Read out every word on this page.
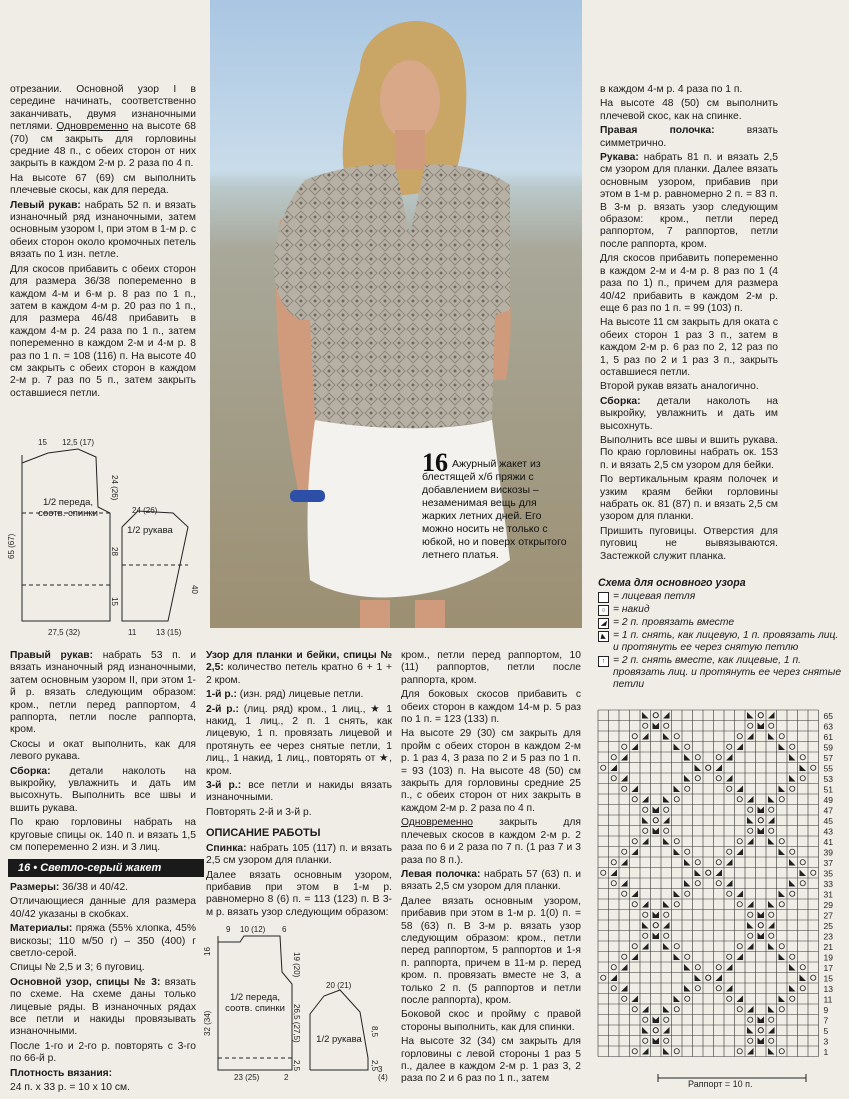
отрезании. Основной узор I в середине начинать, соответственно заканчивать, двумя изнаночными петлями. Одновременно на высоте 68 (70) см закрыть для горловины средние 48 п., с обеих сторон от них закрыть в каждом 2-м р. 2 раза по 4 п.

На высоте 67 (69) см выполнить плечевые скосы, как для переда.

Левый рукав: набрать 52 п. и вязать изнаночный ряд изнаночными, затем основным узором I, при этом в 1-м р. с обеих сторон около кромочных петель вязать по 1 изн. петле.

Для скосов прибавить с обеих сторон для размера 36/38 попеременно в каждом 4-м и 6-м р. 8 раз по 1 п., затем в каждом 4-м р. 20 раз по 1 п., для размера 46/48 прибавить в каждом 4-м р. 24 раза по 1 п., затем попеременно в каждом 2-м и 4-м р. 8 раз по 1 п. = 108 (116) п. На высоте 40 см закрыть с обеих сторон в каждом 2-м р. 7 раз по 5 п., затем закрыть оставшиеся петли.

15 12,5 (17)
65 (67)
24 (26)
28
15
27,5 (32)
24 (26)
40
11 13 (15)
1/2 переда, соотв. спинки
1/2 рукава

Правый рукав: набрать 53 п. и вязать изнаночный ряд изнаночными, затем основным узором II, при этом 1-й р. вязать следующим образом: кром., петли перед раппортом, 4 раппорта, петли после раппорта, кром.

Скосы и окат выполнить, как для левого рукава.

Сборка: детали наколоть на выкройку, увлажнить и дать им высохнуть. Выполнить все швы и вшить рукава.

По краю горловины набрать на круговые спицы ок. 140 п. и вязать 1,5 см попеременно 2 изн. и 3 лиц.

16 • Светло-серый жакет

Размеры: 36/38 и 40/42.

Отличающиеся данные для размера 40/42 указаны в скобках.

Материалы: пряжа (55% хлопка, 45% вискозы; 110 м/50 г) – 350 (400) г светло-серой.

Спицы № 2,5 и 3; 6 пуговиц.

Основной узор, спицы № 3: вязать по схеме. На схеме даны только лицевые ряды. В изнаночных рядах все петли и накиды провязывать изнаночными.

После 1-го и 2-го р. повторять с 3-го по 66-й р.

Плотность вязания:

24 п. х 33 р. = 10 х 10 см.

16 Ажурный жакет из блестящей х/б пряжи с добавлением вискозы – незаменимая вещь для жарких летних дней. Его можно носить не только с юбкой, но и поверх открытого летнего платья.

Узор для планки и бейки, спицы № 2,5: количество петель кратно 6 + 1 + 2 кром.

1-й р.: (изн. ряд) лицевые петли.

2-й р.: (лиц. ряд) кром., 1 лиц., ★ 1 накид, 1 лиц., 2 п. 1 снять, как лицевую, 1 п. провязать лицевой и протянуть ее через снятые петли, 1 лиц., 1 накид, 1 лиц., повторять от ★, кром.

3-й р.: все петли и накиды вязать изнаночными.

Повторять 2-й и 3-й р.

ОПИСАНИЕ РАБОТЫ

Спинка: набрать 105 (117) п. и вязать 2,5 см узором для планки.

Далее вязать основным узором, прибавив при этом в 1-м р. равномерно 8 (6) п. = 113 (123) п. В 3-м р. вязать узор следующим образом:

9 10 (12) 6
16
32 (34)
19 (20)
26,5 (27,5)
2,5
23 (25)	2
20 (21)
8,5
2,5 3
(4)
1/2 переда, соотв. спинки
1/2 рукава

кром., петли перед раппортом, 10 (11) раппортов, петли после раппорта, кром.

Для боковых скосов прибавить с обеих сторон в каждом 14-м р. 5 раз по 1 п. = 123 (133) п.

На высоте 29 (30) см закрыть для пройм с обеих сторон в каждом 2-м р. 1 раз 4, 3 раза по 2 и 5 раз по 1 п. = 93 (103) п. На высоте 48 (50) см закрыть для горловины средние 25 п., с обеих сторон от них закрыть в каждом 2-м р. 2 раза по 4 п.

Одновременно закрыть для плечевых скосов в каждом 2-м р. 2 раза по 6 и 2 раза по 7 п. (1 раз 7 и 3 раза по 8 п.).

Левая полочка: набрать 57 (63) п. и вязать 2,5 см узором для планки.

Далее вязать основным узором, прибавив при этом в 1-м р. 1(0) п. = 58 (63) п. В 3-м р. вязать узор следующим образом: кром., петли перед раппортом, 5 раппортов и 1-я п. раппорта, причем в 11-м р. перед кром. п. провязать вместе не 3, а только 2 п. (5 раппортов и петли после раппорта), кром.

Боковой скос и пройму с правой стороны выполнить, как для спинки.

На высоте 32 (34) см закрыть для горловины с левой стороны 1 раз 5 п., далее в каждом 2-м р. 1 раз 3, 2 раза по 2 и 6 раз по 1 п., затем

в каждом 4-м р. 4 раза по 1 п.

На высоте 48 (50) см выполнить плечевой скос, как на спинке.

Правая полочка: вязать симметрично.

Рукава: набрать 81 п. и вязать 2,5 см узором для планки. Далее вязать основным узором, прибавив при этом в 1-м р. равномерно 2 п. = 83 п. В 3-м р. вязать узор следующим образом: кром., петли перед раппортом, 7 раппортов, петли после раппорта, кром.

Для скосов прибавить попеременно в каждом 2-м и 4-м р. 8 раз по 1 (4 раза по 1) п., причем для размера 40/42 прибавить в каждом 2-м р. еще 6 раз по 1 п. = 99 (103) п.

На высоте 11 см закрыть для оката с обеих сторон 1 раз 3 п., затем в каждом 2-м р. 6 раз по 2, 12 раз по 1, 5 раз по 2 и 1 раз 3 п., закрыть оставшиеся петли.

Второй рукав вязать аналогично.

Сборка: детали наколоть на выкройку, увлажнить и дать им высохнуть.

Выполнить все швы и вшить рукава. По краю горловины набрать ок. 153 п. и вязать 2,5 см узором для бейки.

По вертикальным краям полочек и узким краям бейки горловины набрать ок. 81 (87) п. и вязать 2,5 см узором для планки.

Пришить пуговицы. Отверстия для пуговиц не вывязываются. Застежкой служит планка.

Схема для основного узора
= лицевая петля
○ = накид
◢ = 2 п. провязать вместе
◣ = 1 п. снять, как лицевую, 1 п. провязать лиц. и протянуть ее через снятую петлю
↑ = 2 п. снять вместе, как лицевые, 1 п. провязать лиц. и протянуть ее через снятые петли
65
63
61
59
57
55
53
51
49
47
45
43
41
39
37
35
33
31
29
27
25
23
21
19
17
15
13
11
9
7
5
3
1
Раппорт = 10 п.
